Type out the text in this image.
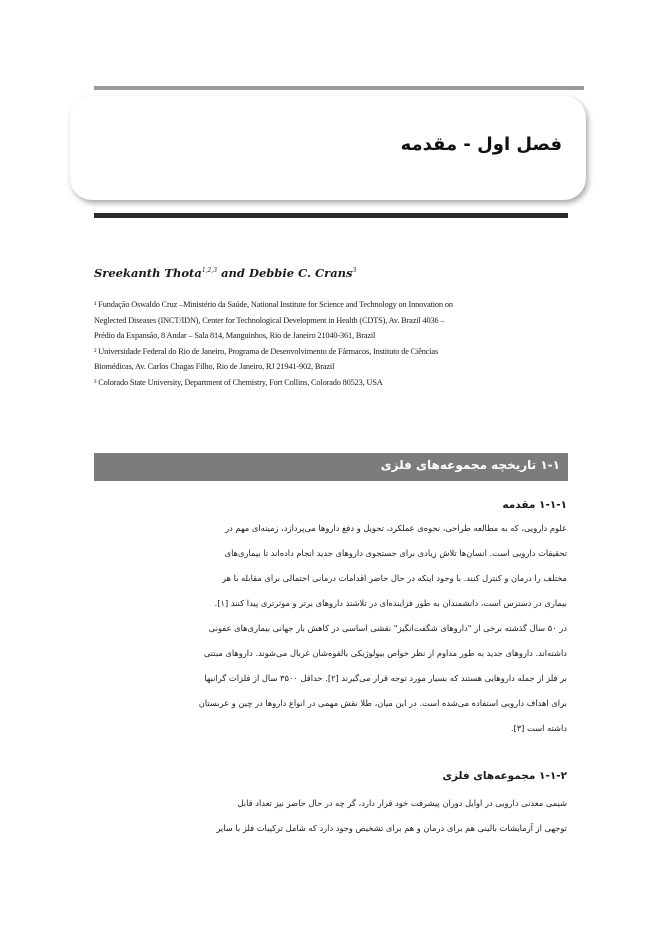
فصل اول - مقدمه

Sreekanth Thota$^{1,2,3}$ and Debbie C. Crans$^3$

¹ Fundação Oswaldo Cruz –Ministério da Saúde, National Institute for Science and Technology on Innovation on
Neglected Diseases (INCT/IDN), Center for Technological Development in Health (CDTS), Av. Brazil 4036 –
Prédio da Expansão, 8 Andar – Sala 814, Manguinhos, Rio de Janeiro 21040-361, Brazil
² Universidade Federal do Rio de Janeiro, Programa de Desenvolvimento de Fármacos, Instituto de Ciências
Biomédicas, Av. Carlos Chagas Filho, Rio de Janeiro, RJ 21941-902, Brazil
³ Colorado State University, Department of Chemistry, Fort Collins, Colorado 80523, USA
۱-۱ تاریخچه مجموعه‌های فلزی
۱-۱-۱ مقدمه
علوم دارویی، که به مطالعه طراحی، نحوه‌ی عملکرد، تحویل و دفع داروها می‌پردازد، زمینه‌ای مهم در
تحقیقات دارویی است. انسان‌ها تلاش زیادی برای جستجوی داروهای جدید انجام داده‌اند تا بیماری‌های
مختلف را درمان و کنترل کنند. با وجود اینکه در حال حاضر اقدامات درمانی احتمالی برای مقابله با هر
بیماری در دسترس است، دانشمندان به طور فزاینده‌ای در تلاشند داروهای برتر و موثرتری پیدا کنند [۱].
در ۵۰ سال گذشته برخی از "داروهای شگفت‌انگیز" نقشی اساسی در کاهش بار جهانی بیماری‌های عفونی
داشته‌اند. داروهای جدید به طور مداوم از نظر خواص بیولوژیکی بالقوه‌شان غربال می‌شوند. داروهای مبتنی
بر فلز از جمله داروهایی هستند که بسیار مورد توجه قرار می‌گیرند [۲]. حداقل ۳۵۰۰ سال از فلزات گرانبها
برای اهداف دارویی استفاده می‌شده است. در این میان، طلا نقش مهمی در انواع داروها در چین و عربستان
داشته است [۳].
۱-۱-۲ مجموعه‌های فلزی
شیمی معدنی دارویی در اوایل دوران پیشرفت خود قرار دارد، گر چه در حال حاضر نیز تعداد قابل
توجهی از آزمایشات بالینی هم برای درمان و هم برای تشخیص وجود دارد که شامل ترکیبات فلز با سایر
